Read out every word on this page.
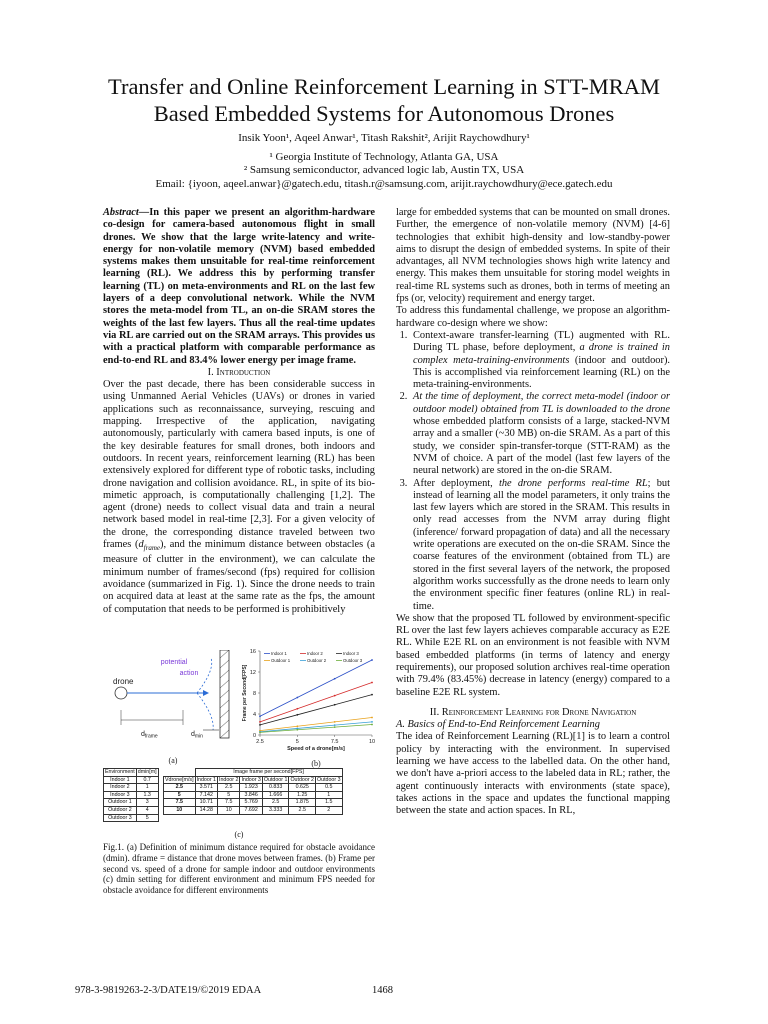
Transfer and Online Reinforcement Learning in STT-MRAM
Based Embedded Systems for Autonomous Drones
Insik Yoon¹, Aqeel Anwar¹, Titash Rakshit², Arijit Raychowdhury¹
¹ Georgia Institute of Technology, Atlanta GA, USA
² Samsung semiconductor, advanced logic lab, Austin TX, USA
Email: {iyoon, aqeel.anwar}@gatech.edu, titash.r@samsung.com, arijit.raychowdhury@ece.gatech.edu

Abstract—In this paper we present an algorithm-hardware co-design for camera-based autonomous flight in small drones. We show that the large write-latency and write-energy for non-volatile memory (NVM) based embedded systems makes them unsuitable for real-time reinforcement learning (RL). We address this by performing transfer learning (TL) on meta-environments and RL on the last few layers of a deep convolutional network. While the NVM stores the meta-model from TL, an on-die SRAM stores the weights of the last few layers. Thus all the real-time updates via RL are carried out on the SRAM arrays. This provides us with a practical platform with comparable performance as end-to-end RL and 83.4% lower energy per image frame.

I. Introduction

Over the past decade, there has been considerable success in using Unmanned Aerial Vehicles (UAVs) or drones in varied applications such as reconnaissance, surveying, rescuing and mapping. Irrespective of the application, navigating autonomously, particularly with camera based inputs, is one of the key desirable features for small drones, both indoors and outdoors. In recent years, reinforcement learning (RL) has been extensively explored for different type of robotic tasks, including drone navigation and collision avoidance. RL, in spite of its bio-mimetic approach, is computationally challenging [1,2]. The agent (drone) needs to collect visual data and train a neural network based model in real-time [2,3]. For a given velocity of the drone, the corresponding distance traveled between two frames $(d_{frame})$, and the minimum distance between obstacles (a measure of clutter in the environment), we can calculate the minimum number of frames/second (fps) required for collision avoidance (summarized in Fig. 1). Since the drone needs to train on acquired data at least at the same rate as the fps, the amount of computation that needs to be performed is prohibitively

drone
potential
action
$d_{frame}$	$d_{min}$
(a)
0
4
8
12
16
2.5	5	7.5	10
Speed of a drone[m/s]
Frame per Second[FPS]
Indoor 1	Indoor 2	Indoor 3
Outdoor 1	Outdoor 2	Outdoor 3
(b)
Environment	dmin[m]
Indoor 1	0.7
Indoor 2	1
Indoor 3	1.3
Outdoor 1	3
Outdoor 2	4
Outdoor 3	5
	Image frame per second[FPS]					
Vdrone[m/s]	Indoor 1	Indoor 2	Indoor 3	Outdoor 1	Outdoor 2	Outdoor 3
2.5	3.571	2.5	1.923	0.833	0.625	0.5
5	7.142	5	3.846	1.666	1.25	1
7.5	10.71	7.5	5.769	2.5	1.875	1.5
10	14.28	10	7.692	3.333	2.5	2
(c)
Fig.1. (a) Definition of minimum distance required for obstacle avoidance (dmin). dframe = distance that drone moves between frames. (b) Frame per second vs. speed of a drone for sample indoor and outdoor environments (c) dmin setting for different environment and minimum FPS needed for obstacle avoidance for different environments

large for embedded systems that can be mounted on small drones. Further, the emergence of non-volatile memory (NVM) [4-6] technologies that exhibit high-density and low-standby-power aims to disrupt the design of embedded systems. In spite of their advantages, all NVM technologies shows high write latency and energy. This makes them unsuitable for storing model weights in real-time RL systems such as drones, both in terms of meeting an fps (or, velocity) requirement and energy target.

To address this fundamental challenge, we propose an algorithm-hardware co-design where we show:

1. Context-aware transfer-learning (TL) augmented with RL. During TL phase, before deployment, a drone is trained in complex meta-training-environments (indoor and outdoor). This is accomplished via reinforcement learning (RL) on the meta-training-environments.
2. At the time of deployment, the correct meta-model (indoor or outdoor model) obtained from TL is downloaded to the drone whose embedded platform consists of a large, stacked-NVM array and a smaller (~30 MB) on-die SRAM. As a part of this study, we consider spin-transfer-torque (STT-RAM) as the NVM of choice. A part of the model (last few layers of the neural network) are stored in the on-die SRAM.
3. After deployment, the drone performs real-time RL; but instead of learning all the model parameters, it only trains the last few layers which are stored in the SRAM. This results in only read accesses from the NVM array during flight (inference/ forward propagation of data) and all the necessary write operations are executed on the on-die SRAM. Since the coarse features of the environment (obtained from TL) are stored in the first several layers of the network, the proposed algorithm works successfully as the drone needs to learn only the environment specific finer features (online RL) in real-time.

We show that the proposed TL followed by environment-specific RL over the last few layers achieves comparable accuracy as E2E RL. While E2E RL on an environment is not feasible with NVM based embedded platforms (in terms of latency and energy requirements), our proposed solution archives real-time operation with 79.4% (83.45%) decrease in latency (energy) compared to a baseline E2E RL system.

II. Reinforcement Learning for Drone Navigation

A. Basics of End-to-End Reinforcement Learning

The idea of Reinforcement Learning (RL)[1] is to learn a control policy by interacting with the environment. In supervised learning we have access to the labelled data. On the other hand, we don't have a-priori access to the labeled data in RL; rather, the agent continuously interacts with environments (state space), takes actions in the space and updates the functional mapping between the state and action spaces. In RL,

978-3-9819263-2-3/DATE19/©2019 EDAA	1468
